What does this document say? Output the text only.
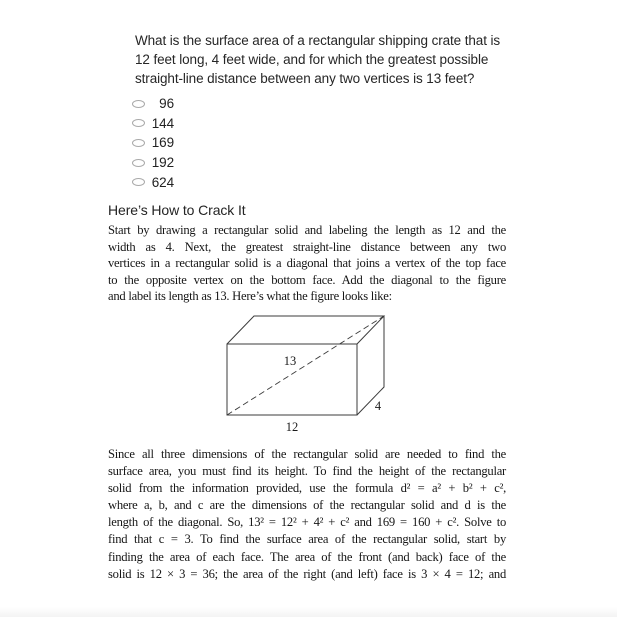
What is the surface area of a rectangular shipping crate that is
12 feet long, 4 feet wide, and for which the greatest possible
straight-line distance between any two vertices is 13 feet?
96
144
169
192
624
Here’s How to Crack It
Start by drawing a rectangular solid and labeling the length as 12 and the
width as 4. Next, the greatest straight-line distance between any two
vertices in a rectangular solid is a diagonal that joins a vertex of the top face
to the opposite vertex on the bottom face. Add the diagonal to the figure
and label its length as 13. Here’s what the figure looks like:
13
12
4
Since all three dimensions of the rectangular solid are needed to find the
surface area, you must find its height. To find the height of the rectangular
solid from the information provided, use the formula d² = a² + b² + c²,
where a, b, and c are the dimensions of the rectangular solid and d is the
length of the diagonal. So, 13² = 12² + 4² + c² and 169 = 160 + c². Solve to
find that c = 3. To find the surface area of the rectangular solid, start by
finding the area of each face. The area of the front (and back) face of the
solid is 12 × 3 = 36; the area of the right (and left) face is 3 × 4 = 12; and
